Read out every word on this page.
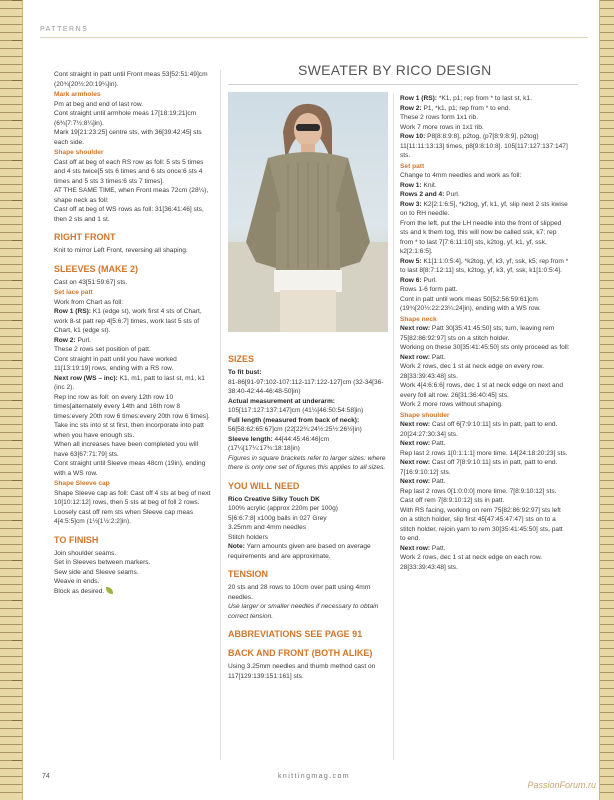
PATTERNS
SWEATER BY RICO DESIGN
Cont straight in patt until Front meas 53[52:51:49]cm (20¾[20½:20:19¼]in).
Mark armholes
Pm at beg and end of last row.
Cont straight until armhole meas 17[18:19:21]cm (6¾[7:7½:8¼]in).
Mark 19[21:23:25] centre sts, with 36[39:42:45] sts each side.
Shape shoulder
Cast off at beg of each RS row as foll: 5 sts 5 times and 4 sts twice[5 sts 6 times and 6 sts once:6 sts 4 times and 5 sts 3 times:6 sts 7 times].
AT THE SAME TIME, when Front meas 72cm (28¼), shape neck as foll:
Cast off at beg of WS rows as foll: 31[36:41:46] sts, then 2 sts and 1 st.
RIGHT FRONT
Knit to mirror Left Front, reversing all shaping.
SLEEVES (MAKE 2)
Cast on 43[51:59:67] sts.
Set lace patt
Work from Chart as foll:
Row 1 (RS): K1 (edge st), work first 4 sts of Chart, work 8-st patt rep 4[5:6:7] times, work last 5 sts of Chart, k1 (edge st).
Row 2: Purl.
These 2 rows set position of patt.
Cont straight in patt until you have worked 11[13:19:19] rows, ending with a RS row.
Next row (WS – inc): K1, m1, patt to last st, m1, k1 (inc 2).
Rep inc row as foll: on every 12th row 10 times[alternately every 14th and 16th row 8 times:every 20th row 6 times:every 20th row 6 times]. Take inc sts into st st first, then incorporate into patt when you have enough sts.
When all increases have been completed you will have 63[67:71:79] sts.
Cont straight until Sleeve meas 48cm (19in), ending with a WS row.
Shape Sleeve cap
Shape Sleeve cap as foll: Cast off 4 sts at beg of next 10[10:12:12] rows, then 5 sts at beg of foll 2 rows.
Loosely cast off rem sts when Sleeve cap meas 4[4:5:5]cm (1½[1½:2:2]in).
TO FINISH
Join shoulder seams.
Set in Sleeves between markers.
Sew side and Sleeve seams.
Weave in ends.
Block as desired.
SIZES
To fit bust:
81-86[91-97:102-107:112-117:122-127]cm (32-34[36-38:40-42:44-46:48-50]in)
Actual measurement at underarm: 105[117:127:137:147]cm (41¼[46:50:54:58]in)
Full length (measured from back of neck): 56[58:62:65:67]cm (22[22¾:24½:25½:26½]in)
Sleeve length: 44[44:45:46:46]cm (17¼[17¼:17¾:18:18]in)
Figures in square brackets refer to larger sizes: where there is only one set of figures this applies to all sizes.
YOU WILL NEED
Rico Creative Silky Touch DK
100% acrylic (approx 220m per 100g)
5[6:6:7:8] x100g balls in 027 Grey
3.25mm and 4mm needles
Stitch holders
Note: Yarn amounts given are based on average requirements and are approximate.
TENSION
20 sts and 28 rows to 10cm over patt using 4mm needles.
Use larger or smaller needles if necessary to obtain correct tension.
ABBREVIATIONS SEE PAGE 91
BACK AND FRONT (BOTH ALIKE)
Using 3.25mm needles and thumb method cast on 117[129:139:151:161] sts.
Row 1 (RS): *K1, p1; rep from * to last st, k1.
Row 2: P1, *k1, p1; rep from * to end.
These 2 rows form 1x1 rib.
Work 7 more rows in 1x1 rib.
Row 10: P8[8:8:9:8], p2tog, (p7[8:9:8:9], p2tog) 11[11:11:13:13] times, p8[9:8:10:8]. 105[117:127:137:147] sts.
Set patt
Change to 4mm needles and work as foll:
Row 1: Knit.
Rows 2 and 4: Purl.
Row 3: K2[2:1:6:5], *k2tog, yf, k1, yf, slip next 2 sts kwise on to RH needle.
From the left, put the LH needle into the front of slipped sts and k them tog, this will now be called ssk, k7; rep from * to last 7[7:6:11:10] sts, k2tog, yf, k1, yf, ssk, k2[2:1:6:5].
Row 5: K1[1:1:0:5:4], *k2tog, yf, k3, yf, ssk, k5; rep from * to last 8[8:7:12:11] sts, k2tog, yf, k3, yf, ssk, k1[1:0:5:4].
Row 6: Purl.
Rows 1-6 form patt.
Cont in patt until work meas 50[52:56:59:61]cm (19¾[20½:22:23¼:24]in), ending with a WS row.
Shape neck
Next row: Patt 30[35:41:45:50] sts; turn, leaving rem 75[82:86:92:97] sts on a stitch holder.
Working on these 30[35:41:45:50] sts only proceed as foll:
Next row: Patt.
Work 2 rows, dec 1 st at neck edge on every row. 28[33:39:43:48] sts.
Work 4[4:6:6:6] rows, dec 1 st at neck edge on next and every foll alt row. 26[31:36:40:45] sts.
Work 2 more rows without shaping.
Shape shoulder
Next row: Cast off 6[7:9:10:11] sts in patt, patt to end. 20[24:27:30:34] sts.
Next row: Patt.
Rep last 2 rows 1[0:1:1:1] more time. 14[24:18:20:23] sts.
Next row: Cast off 7[8:9:10:11] sts in patt, patt to end. 7[16:9:10:12] sts.
Next row: Patt.
Rep last 2 rows 0[1:0:0:0] more time. 7[8:9:10:12] sts.
Cast off rem 7[8:9:10:12] sts in patt.
With RS facing, working on rem 75[82:86:92:97] sts left on a stitch holder, slip first 45[47:45:47:47] sts on to a stitch holder, rejoin yarn to rem 30[35:41:45:50] sts, patt to end.
Next row: Patt.
Work 2 rows, dec 1 st at neck edge on each row. 28[33:39:43:48] sts.
74	knittingmag.com
PassionForum.ru
